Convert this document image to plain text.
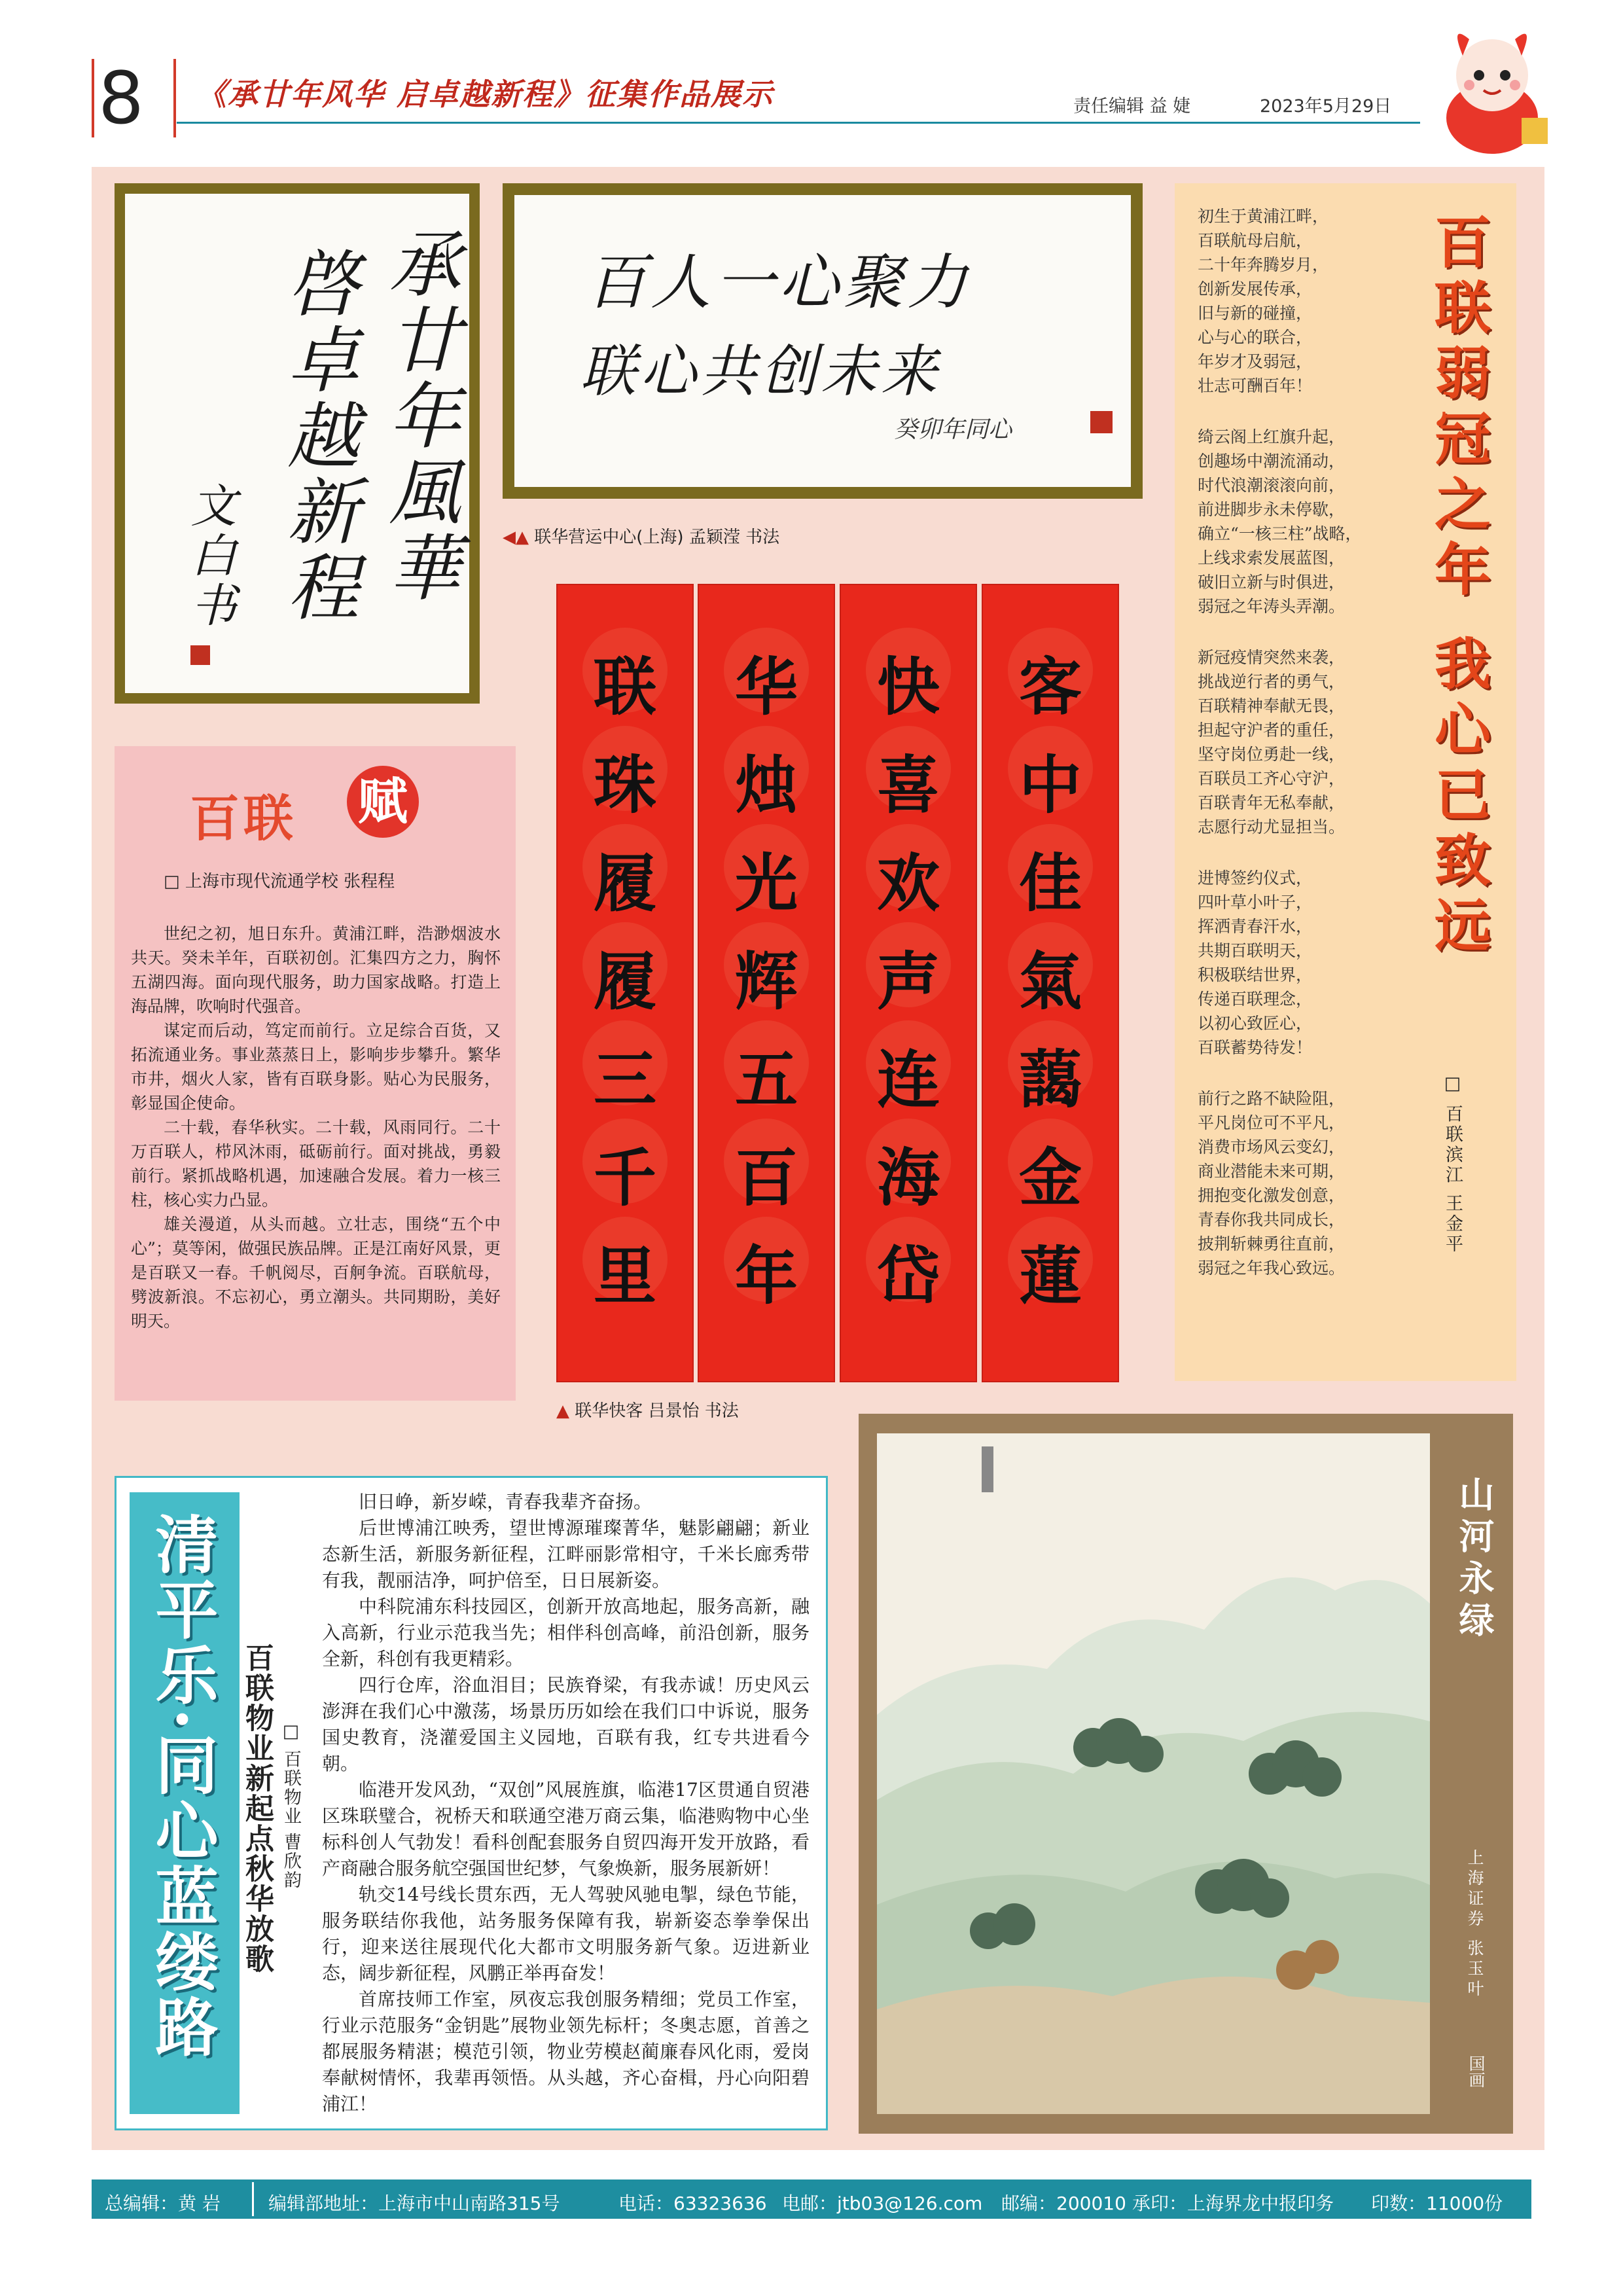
8 《承廿年风华 启卓越新程》征集作品展示	责任编辑 益 婕	2023年5月29日
承廿年風華
啓卓越新程
文白书
百人一心聚力
联心共创未来
癸卯年同心
◀▲ 联华营运中心(上海) 孟颖滢 书法
客
中
佳
氣
藹
金
蓮
快
喜
欢
声
连
海
岱
华
烛
光
辉
五
百
年
联
珠
履
履
三
千
里
▲ 联华快客 吕景怡 书法
初生于黄浦江畔，
百联航母启航，
二十年奔腾岁月，
创新发展传承，
旧与新的碰撞，
心与心的联合，
年岁才及弱冠，
壮志可酬百年！
绮云阁上红旗升起，
创趣场中潮流涌动，
时代浪潮滚滚向前，
前进脚步永未停歇，
确立“一核三柱”战略，
上线求索发展蓝图，
破旧立新与时俱进，
弱冠之年涛头弄潮。
新冠疫情突然来袭，
挑战逆行者的勇气，
百联精神奉献无畏，
担起守沪者的重任，
坚守岗位勇赴一线，
百联员工齐心守沪，
百联青年无私奉献，
志愿行动尤显担当。
进博签约仪式，
四叶草小叶子，
挥洒青春汗水，
共期百联明天，
积极联结世界，
传递百联理念，
以初心致匠心，
百联蓄势待发！
前行之路不缺险阻，
平凡岗位可不平凡，
消费市场风云变幻，
商业潜能未来可期，
拥抱变化激发创意，
青春你我共同成长，
披荆斩棘勇往直前，
弱冠之年我心致远。
百联弱冠之年 我心已致远
□ 百联滨江 王金平
百联 赋
□ 上海市现代流通学校 张程程

世纪之初，旭日东升。黄浦江畔，浩渺烟波水共天。癸未羊年，百联初创。汇集四方之力，胸怀五湖四海。面向现代服务，助力国家战略。打造上海品牌，吹响时代强音。

谋定而后动，笃定而前行。立足综合百货，又拓流通业务。事业蒸蒸日上，影响步步攀升。繁华市井，烟火人家，皆有百联身影。贴心为民服务，彰显国企使命。

二十载，春华秋实。二十载，风雨同行。二十万百联人，栉风沐雨，砥砺前行。面对挑战，勇毅前行。紧抓战略机遇，加速融合发展。着力一核三柱，核心实力凸显。

雄关漫道，从头而越。立壮志，围绕“五个中心”；莫等闲，做强民族品牌。正是江南好风景，更是百联又一春。千帆阅尽，百舸争流。百联航母，劈波新浪。不忘初心，勇立潮头。共同期盼，美好明天。

清平乐·同心蓝缕路 百联物业新起点秋华放歌 □ 百联物业 曹欣韵

旧日峥，新岁嵘，青春我辈齐奋扬。

后世博浦江映秀，望世博源璀璨菁华，魅影翩翩；新业态新生活，新服务新征程，江畔丽影常相守，千米长廊秀带有我，靓丽洁净，呵护倍至，日日展新姿。

中科院浦东科技园区，创新开放高地起，服务高新，融入高新，行业示范我当先；相伴科创高峰，前沿创新，服务全新，科创有我更精彩。

四行仓库，浴血泪目；民族脊梁，有我赤诚！历史风云澎湃在我们心中激荡，场景历历如绘在我们口中诉说，服务国史教育，浇灌爱国主义园地，百联有我，红专共进看今朝。

临港开发风劲，“双创”风展旌旗，临港17区贯通自贸港区珠联璧合，祝桥天和联通空港万商云集，临港购物中心坐标科创人气勃发！看科创配套服务自贸四海开发开放路，看产商融合服务航空强国世纪梦，气象焕新，服务展新妍！

轨交14号线长贯东西，无人驾驶风驰电掣，绿色节能，服务联结你我他，站务服务保障有我，崭新姿态拳拳保出行，迎来送往展现代化大都市文明服务新气象。迈进新业态，阔步新征程，风鹏正举再奋发！

首席技师工作室，夙夜忘我创服务精细；党员工作室，行业示范服务“金钥匙”展物业领先标杆；冬奥志愿，首善之都展服务精湛；模范引领，物业劳模赵蔺廉春风化雨，爱岗奉献树情怀，我辈再领悟。从头越，齐心奋楫，丹心向阳碧浦江！

山河永绿
上海证券 张玉叶
国画
总编辑：黄 岩	编辑部地址：上海市中山南路315号	电话：63323636 电邮：jtb03@126.com 邮编：200010 承印：上海界龙中报印务 印数：11000份
